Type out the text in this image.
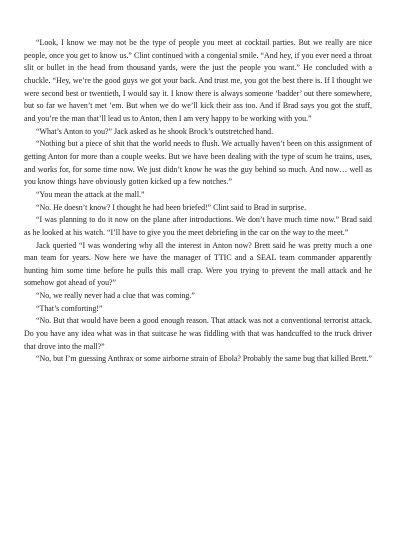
“Look, I know we may not be the type of people you meet at cocktail parties. But we really are nice people, once you get to know us.” Clint continued with a congenial smile. “And hey, if you ever need a throat slit or bullet in the head from thousand yards, were the just the people you want.” He concluded with a chuckle. “Hey, we’re the good guys we got your back. And trust me, you got the best there is. If I thought we were second best or twentieth, I would say it. I know there is always someone ‘badder’ out there somewhere, but so far we haven’t met ’em. But when we do we’ll kick their ass too. And if Brad says you got the stuff, and you’re the man that’ll lead us to Anton, then I am very happy to be working with you.”

“What’s Anton to you?” Jack asked as he shook Brock’s outstretched hand.

“Nothing but a piece of shit that the world needs to flush. We actually haven’t been on this assignment of getting Anton for more than a couple weeks. But we have been dealing with the type of scum he trains, uses, and works for, for some time now. We just didn’t know he was the guy behind so much. And now… well as you know things have obviously gotten kicked up a few notches.”

“You mean the attack at the mall.”

“No. He doesn’t know? I thought he had been briefed!” Clint said to Brad in surprise.

“I was planning to do it now on the plane after introductions. We don’t have much time now.” Brad said as he looked at his watch. “I’ll have to give you the meet debriefing in the car on the way to the meet.”

Jack queried “I was wondering why all the interest in Anton now? Brett said he was pretty much a one man team for years. Now here we have the manager of TTIC and a SEAL team commander apparently hunting him some time before he pulls this mall crap. Were you trying to prevent the mall attack and he somehow got ahead of you?”

“No, we really never had a clue that was coming.”

“That’s comforting!”

“No. But that would have been a good enough reason. That attack was not a conventional terrorist attack. Do you have any idea what was in that suitcase he was fiddling with that was handcuffed to the truck driver that drove into the mall?”

“No, but I’m guessing Anthrax or some airborne strain of Ebola? Probably the same bug that killed Brett.”
